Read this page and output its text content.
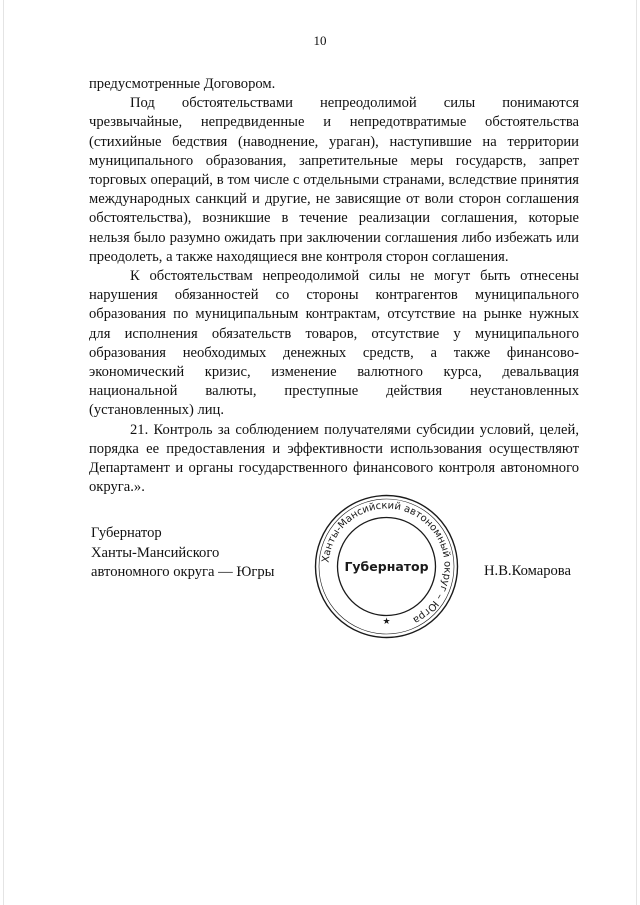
10

предусмотренные Договором.

Под обстоятельствами непреодолимой силы понимаются чрезвычайные, непредвиденные и непредотвратимые обстоятельства (стихийные бедствия (наводнение, ураган), наступившие на территории муниципального образования, запретительные меры государств, запрет торговых операций, в том числе с отдельными странами, вследствие принятия международных санкций и другие, не зависящие от воли сторон соглашения обстоятельства), возникшие в течение реализации соглашения, которые нельзя было разумно ожидать при заключении соглашения либо избежать или преодолеть, а также находящиеся вне контроля сторон соглашения.

К обстоятельствам непреодолимой силы не могут быть отнесены нарушения обязанностей со стороны контрагентов муниципального образования по муниципальным контрактам, отсутствие на рынке нужных для исполнения обязательств товаров, отсутствие у муниципального образования необходимых денежных средств, а также финансово-экономический кризис, изменение валютного курса, девальвация национальной валюты, преступные действия неустановленных (установленных) лиц.

21. Контроль за соблюдением получателями субсидии условий, целей, порядка ее предоставления и эффективности использования осуществляют Департамент и органы государственного финансового контроля автономного округа.».

Губернатор
Ханты-Мансийского
автономного округа — Югры	Н.В.Комарова
Ханты-Мансийский автономный округ – Югра
Губернатор
★
